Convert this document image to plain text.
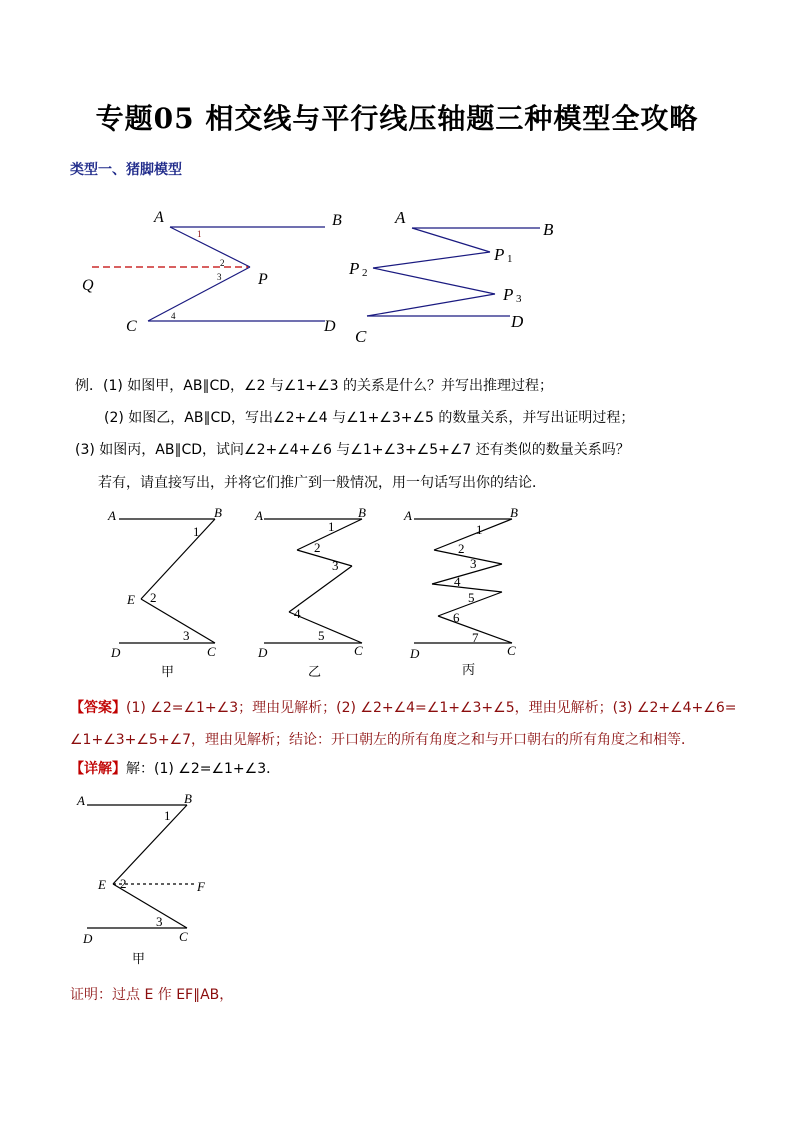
专题05 相交线与平行线压轴题三种模型全攻略
类型一、猪脚模型
A	B
Q	P
C	D
1
2
3
4
A
B
P 1
P 2
P 3
C
D
例．(1) 如图甲，AB∥CD，∠2 与∠1+∠3 的关系是什么？并写出推理过程；
(2) 如图乙，AB∥CD，写出∠2+∠4 与∠1+∠3+∠5 的数量关系，并写出证明过程；
(3) 如图丙，AB∥CD，试问∠2+∠4+∠6 与∠1+∠3+∠5+∠7 还有类似的数量关系吗？
若有，请直接写出，并将它们推广到一般情况，用一句话写出你的结论．
A	B
E
D	C
1
2
3
甲
A	B
D	C
1
2
3
4
5
乙
A	B
D	C
1
2
3
4
5
6
7
丙
【答案】(1) ∠2=∠1+∠3；理由见解析；(2) ∠2+∠4=∠1+∠3+∠5，理由见解析；(3) ∠2+∠4+∠6=
∠1+∠3+∠5+∠7，理由见解析；结论：开口朝左的所有角度之和与开口朝右的所有角度之和相等．
【详解】解：(1) ∠2=∠1+∠3．
A	B
E	F
D	C
1
2
3
甲
证明：过点 E 作 EF∥AB，
